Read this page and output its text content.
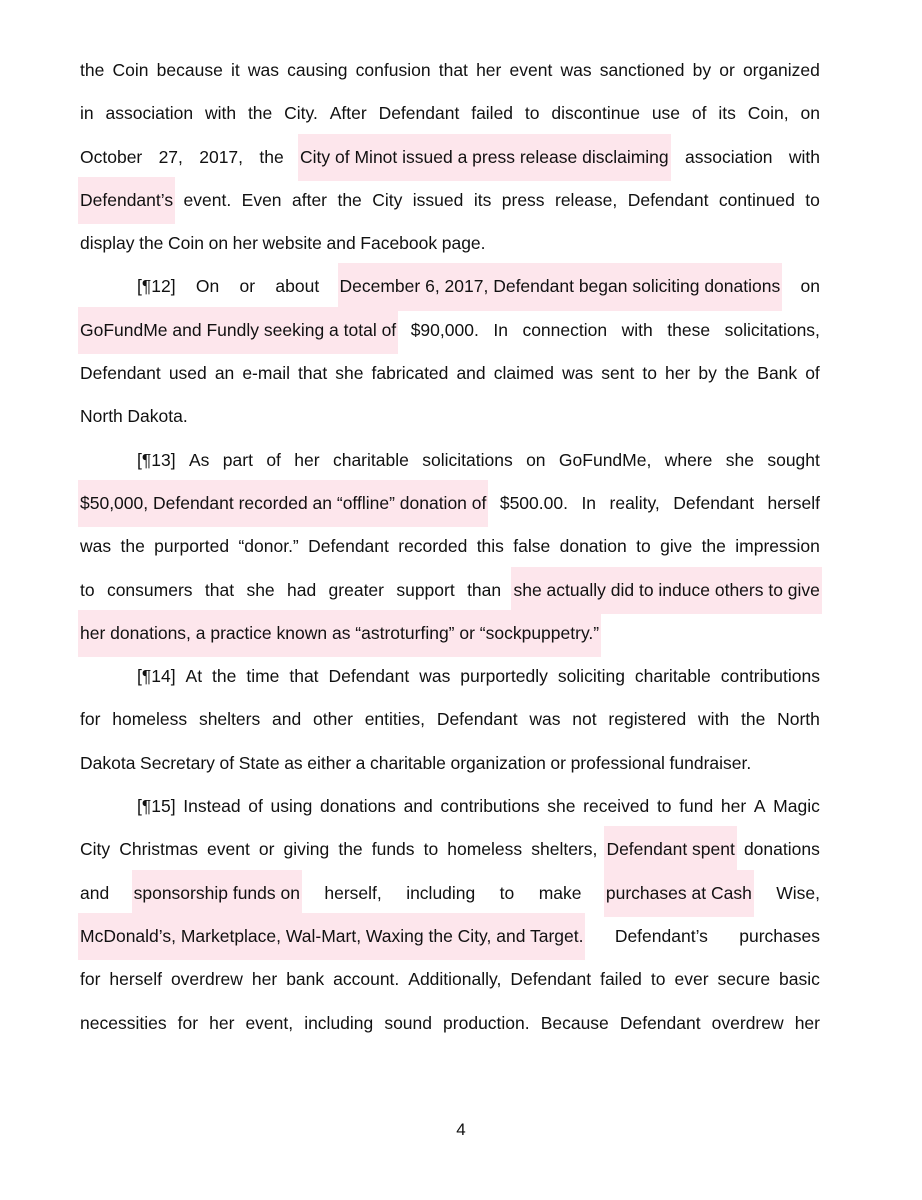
the Coin because it was causing confusion that her event was sanctioned by or organized
in association with the City. After Defendant failed to discontinue use of its Coin, on
October 27, 2017, the City of Minot issued a press release disclaiming association with
Defendant’s event. Even after the City issued its press release, Defendant continued to
display the Coin on her website and Facebook page.
[¶12] On or about December 6, 2017, Defendant began soliciting donations on
GoFundMe and Fundly seeking a total of $90,000. In connection with these solicitations,
Defendant used an e-mail that she fabricated and claimed was sent to her by the Bank of
North Dakota.
[¶13] As part of her charitable solicitations on GoFundMe, where she sought
$50,000, Defendant recorded an “offline” donation of $500.00. In reality, Defendant herself
was the purported “donor.” Defendant recorded this false donation to give the impression
to consumers that she had greater support than she actually did to induce others to give
her donations, a practice known as “astroturfing” or “sockpuppetry.”
[¶14] At the time that Defendant was purportedly soliciting charitable contributions
for homeless shelters and other entities, Defendant was not registered with the North
Dakota Secretary of State as either a charitable organization or professional fundraiser.
[¶15] Instead of using donations and contributions she received to fund her A Magic
City Christmas event or giving the funds to homeless shelters, Defendant spent donations
and sponsorship funds on herself, including to make purchases at Cash Wise,
McDonald’s, Marketplace, Wal-Mart, Waxing the City, and Target. Defendant’s purchases
for herself overdrew her bank account. Additionally, Defendant failed to ever secure basic
necessities for her event, including sound production. Because Defendant overdrew her
4
